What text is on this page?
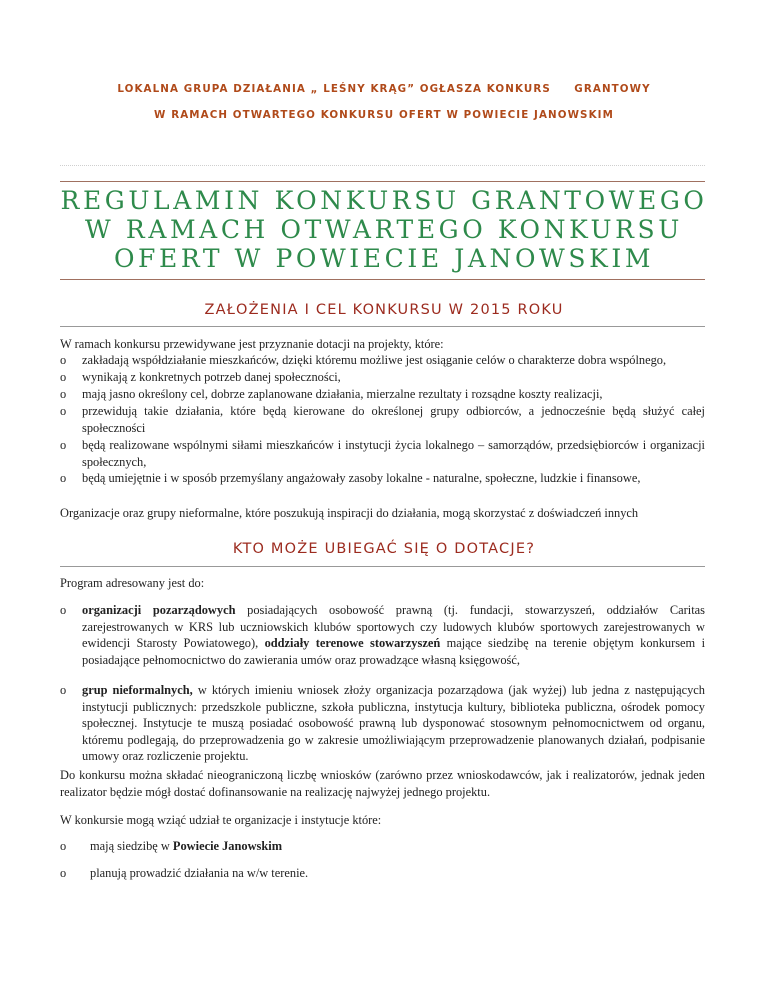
LOKALNA GRUPA DZIAŁANIA „ LEŚNY KRĄG” OGŁASZA KONKURS     GRANTOWY
W RAMACH OTWARTEGO KONKURSU OFERT W POWIECIE JANOWSKIM
REGULAMIN KONKURSU GRANTOWEGO
W RAMACH OTWARTEGO KONKURSU
OFERT W POWIECIE JANOWSKIM
ZAŁOŻENIA I CEL KONKURSU W 2015 ROKU
W ramach konkursu przewidywane jest przyznanie dotacji na projekty, które:
o zakładają współdziałanie mieszkańców, dzięki któremu możliwe jest osiąganie celów o charakterze dobra wspólnego,
o wynikają z konkretnych potrzeb danej społeczności,
o mają jasno określony cel, dobrze zaplanowane działania, mierzalne rezultaty i rozsądne koszty realizacji,
o przewidują takie działania, które będą kierowane do określonej grupy odbiorców, a jednocześnie będą służyć całej społeczności
o będą realizowane wspólnymi siłami mieszkańców i instytucji życia lokalnego – samorządów, przedsiębiorców i organizacji społecznych,
o będą umiejętnie i w sposób przemyślany angażowały zasoby lokalne - naturalne, społeczne, ludzkie i finansowe,
Organizacje oraz grupy nieformalne, które poszukują inspiracji do działania, mogą skorzystać z doświadczeń innych
KTO MOŻE UBIEGAĆ SIĘ O DOTACJE?
Program adresowany jest do:
o organizacji pozarządowych posiadających osobowość prawną (tj. fundacji, stowarzyszeń, oddziałów Caritas zarejestrowanych w KRS lub uczniowskich klubów sportowych czy ludowych klubów sportowych zarejestrowanych w ewidencji Starosty Powiatowego), oddziały terenowe stowarzyszeń mające siedzibę na terenie objętym konkursem i posiadające pełnomocnictwo do zawierania umów oraz prowadzące własną księgowość,
o grup nieformalnych, w których imieniu wniosek złoży organizacja pozarządowa (jak wyżej) lub jedna z następujących instytucji publicznych: przedszkole publiczne, szkoła publiczna, instytucja kultury, biblioteka publiczna, ośrodek pomocy społecznej. Instytucje te muszą posiadać osobowość prawną lub dysponować stosownym pełnomocnictwem od organu, któremu podlegają, do przeprowadzenia go w zakresie umożliwiającym przeprowadzenie planowanych działań, podpisanie umowy oraz rozliczenie projektu.
Do konkursu można składać nieograniczoną liczbę wniosków (zarówno przez wnioskodawców, jak i realizatorów, jednak jeden realizator będzie mógł dostać dofinansowanie na realizację najwyżej jednego projektu.
W konkursie mogą wziąć udział te organizacje i instytucje które:
o mają siedzibę w Powiecie Janowskim
o planują prowadzić działania na w/w terenie.
